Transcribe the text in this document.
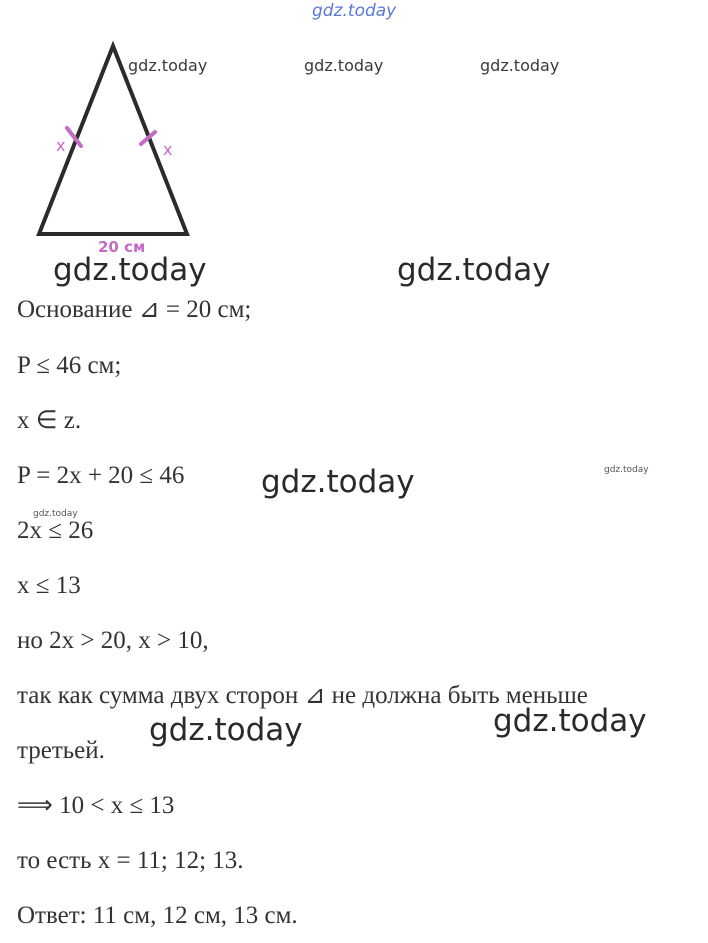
gdz.today
gdz.today	gdz.today	gdz.today
gdz.today	gdz.today
gdz.today	gdz.today
gdz.today
gdz.today
gdz.today
x	x
20 см
Основание ⊿ = 20 см;
P ≤ 46 см;
x ∈ z.
P = 2x + 20 ≤ 46
2x ≤ 26
x ≤ 13
но 2x > 20, x > 10,
так как сумма двух сторон ⊿ не должна быть меньше
третьей.
⟹ 10 < x ≤ 13
то есть x = 11; 12; 13.
Ответ: 11 см, 12 см, 13 см.
